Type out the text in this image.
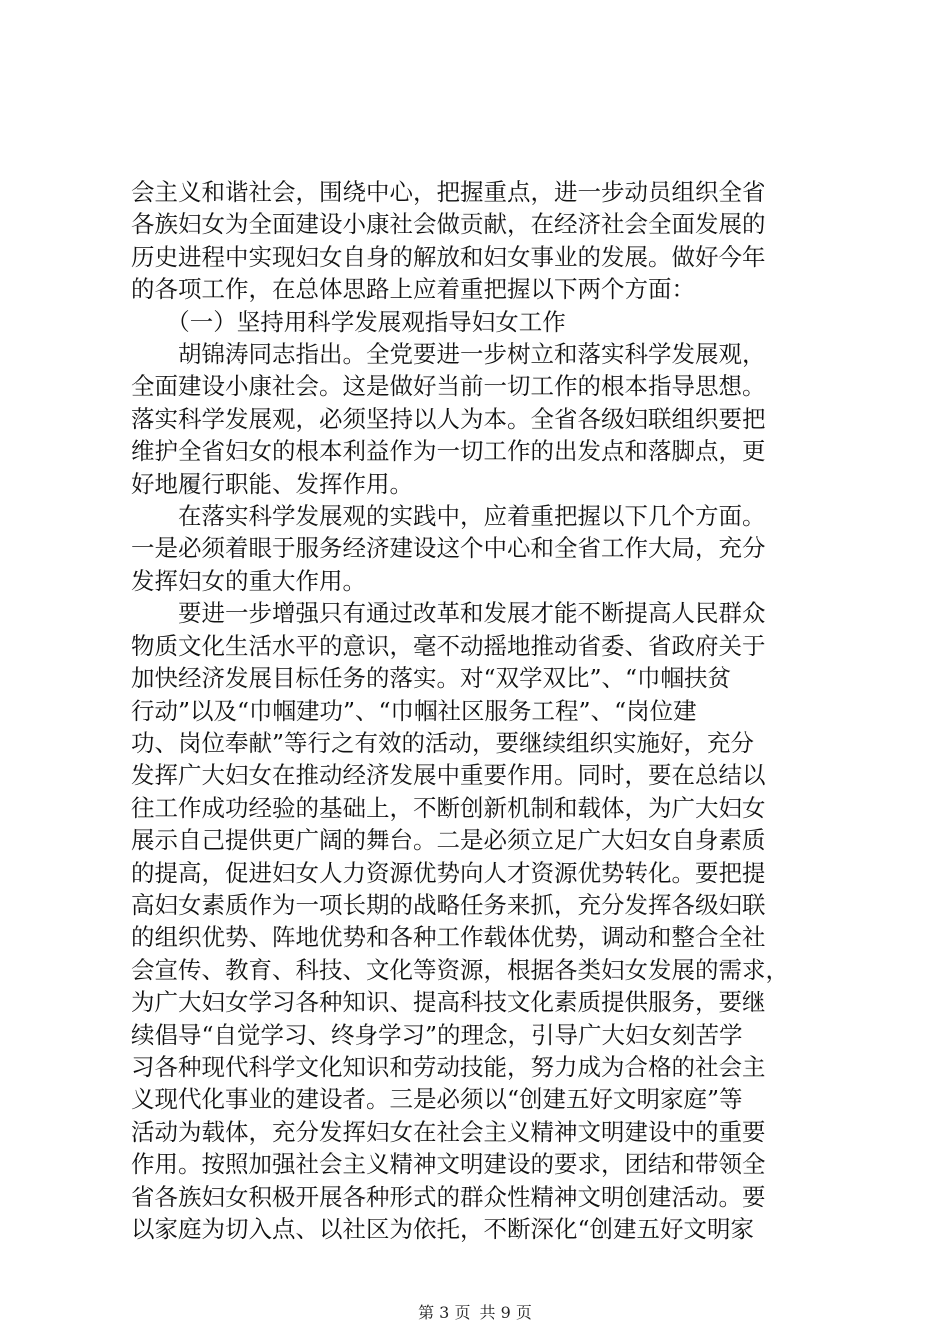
会主义和谐社会，围绕中心，把握重点，进一步动员组织全省

各族妇女为全面建设小康社会做贡献，在经济社会全面发展的

历史进程中实现妇女自身的解放和妇女事业的发展。做好今年

的各项工作，在总体思路上应着重把握以下两个方面：

　　（一）坚持用科学发展观指导妇女工作

　　胡锦涛同志指出。全党要进一步树立和落实科学发展观，

全面建设小康社会。这是做好当前一切工作的根本指导思想。

落实科学发展观，必须坚持以人为本。全省各级妇联组织要把

维护全省妇女的根本利益作为一切工作的出发点和落脚点，更

好地履行职能、发挥作用。

　　在落实科学发展观的实践中，应着重把握以下几个方面。

一是必须着眼于服务经济建设这个中心和全省工作大局，充分

发挥妇女的重大作用。

　　要进一步增强只有通过改革和发展才能不断提高人民群众

物质文化生活水平的意识，毫不动摇地推动省委、省政府关于

加快经济发展目标任务的落实。对“双学双比”、“巾帼扶贫

行动”以及“巾帼建功”、“巾帼社区服务工程”、“岗位建

功、岗位奉献”等行之有效的活动，要继续组织实施好，充分

发挥广大妇女在推动经济发展中重要作用。同时，要在总结以

往工作成功经验的基础上，不断创新机制和载体，为广大妇女

展示自己提供更广阔的舞台。二是必须立足广大妇女自身素质

的提高，促进妇女人力资源优势向人才资源优势转化。要把提

高妇女素质作为一项长期的战略任务来抓，充分发挥各级妇联

的组织优势、阵地优势和各种工作载体优势，调动和整合全社

会宣传、教育、科技、文化等资源，根据各类妇女发展的需求，

为广大妇女学习各种知识、提高科技文化素质提供服务，要继

续倡导“自觉学习、终身学习”的理念，引导广大妇女刻苦学

习各种现代科学文化知识和劳动技能，努力成为合格的社会主

义现代化事业的建设者。三是必须以“创建五好文明家庭”等

活动为载体，充分发挥妇女在社会主义精神文明建设中的重要

作用。按照加强社会主义精神文明建设的要求，团结和带领全

省各族妇女积极开展各种形式的群众性精神文明创建活动。要

以家庭为切入点、以社区为依托，不断深化“创建五好文明家

第 3 页 共 9 页
